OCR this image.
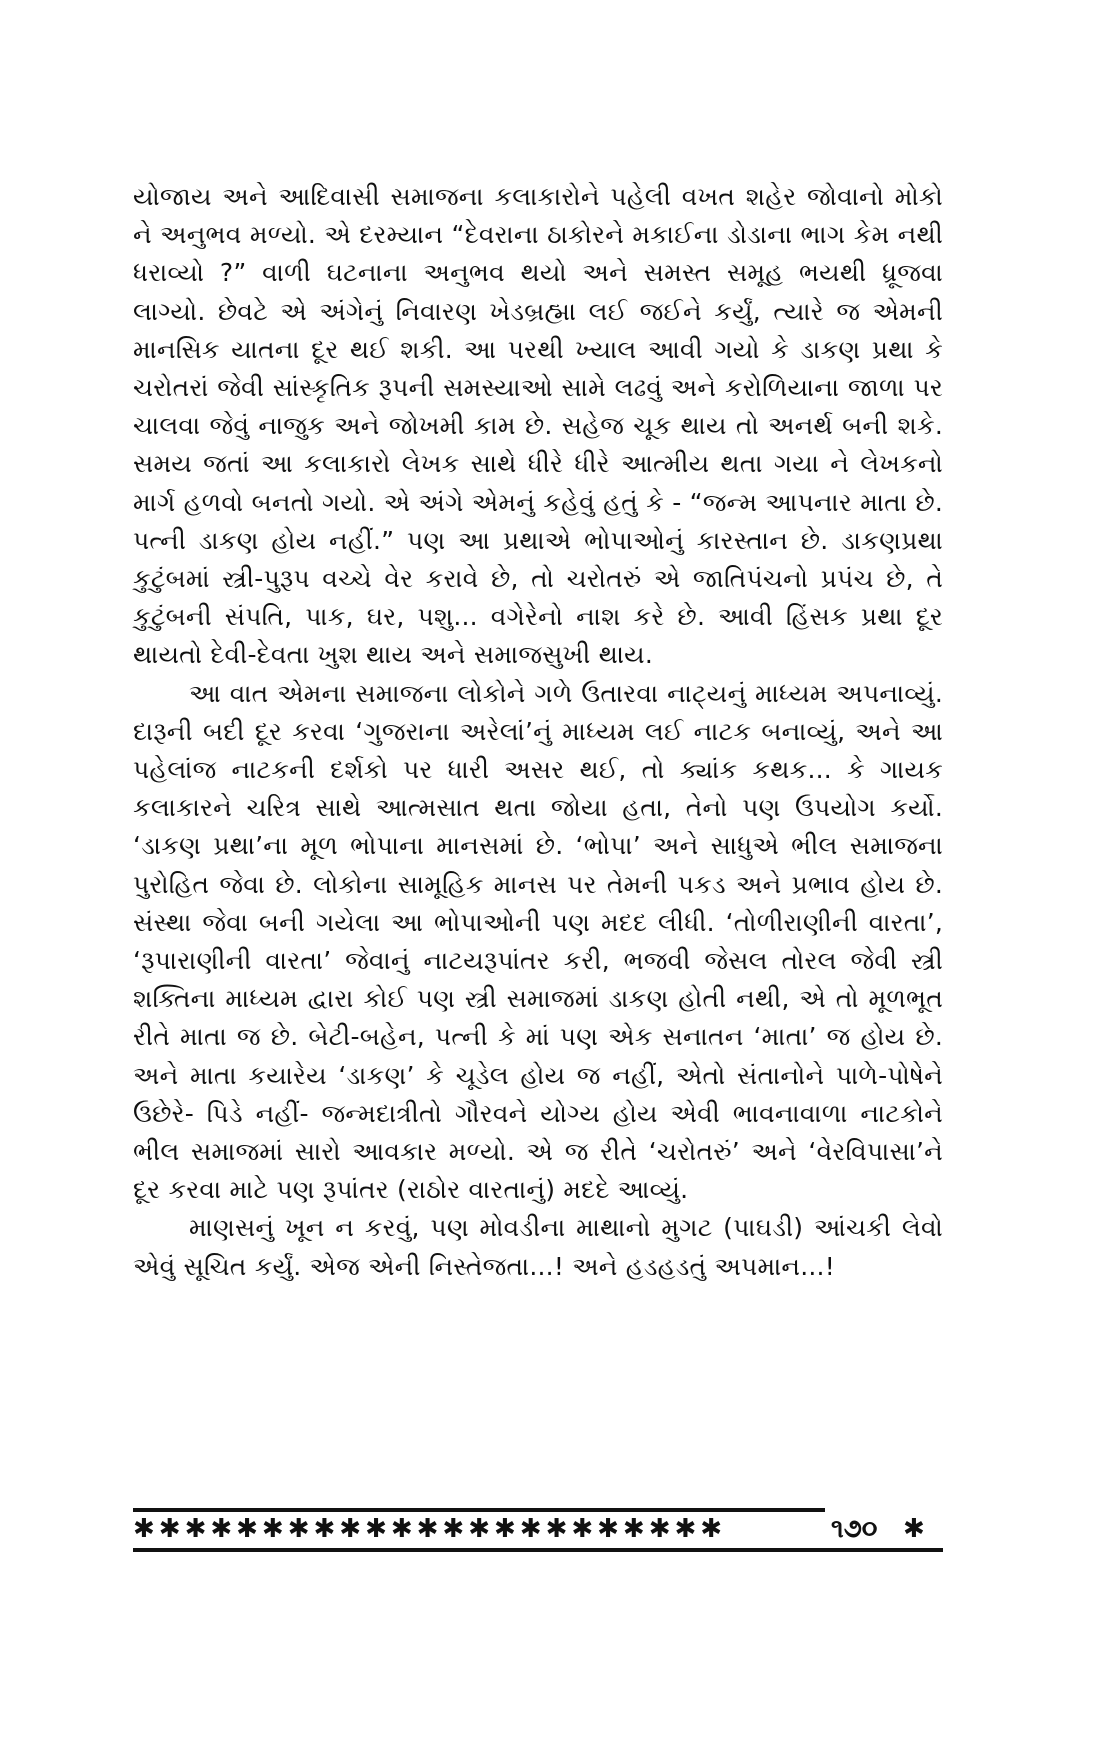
યોજાય અને આદિવાસી સમાજના કલાકારોને પહેલી વખત શહેર જોવાનો મોકો ને અનુભવ મળ્યો. એ દરમ્યાન “દેવરાના ઠાકોરને મકાઈના ડોડાના ભાગ કેમ નથી ધરાવ્યો ?” વાળી ઘટનાના અનુભવ થયો અને સમસ્ત સમૂહ ભયથી ધ્રૂજવા લાગ્યો. છેવટે એ અંગેનું નિવારણ ખેડબ્રહ્મા લઈ જઈને કર્યું, ત્યારે જ એમની માનસિક યાતના દૂર થઈ શકી. આ પરથી ખ્યાલ આવી ગયો કે ડાકણ પ્રથા કે ચરોતરાં જેવી સાંસ્કૃતિક રૂપની સમસ્યાઓ સામે લઢવું અને કરોળિયાના જાળા પર ચાલવા જેવું નાજુક અને જોખમી કામ છે. સહેજ ચૂક થાય તો અનર્થ બની શકે. સમય જતાં આ કલાકારો લેખક સાથે ધીરે ધીરે આત્મીય થતા ગયા ને લેખકનો માર્ગ હળવો બનતો ગયો. એ અંગે એમનું કહેવું હતું કે - “જન્મ આપનાર માતા છે. પત્ની ડાકણ હોય નહીં.” પણ આ પ્રથાએ ભોપાઓનું કારસ્તાન છે. ડાકણપ્રથા કુટુંબમાં સ્ત્રી-પુરૂપ વચ્ચે વેર કરાવે છે, તો ચરોતરું એ જાતિપંચનો પ્રપંચ છે, તે કુટુંબની સંપતિ, પાક, ઘર, પશુ... વગેરેનો નાશ કરે છે. આવી હિંસક પ્રથા દૂર થાયતો દેવી-દેવતા ખુશ થાય અને સમાજસુખી થાય.

આ વાત એમના સમાજના લોકોને ગળે ઉતારવા નાટ્યનું માધ્યમ અપનાવ્યું. દારૂની બદી દૂર કરવા ‘ગુજરાના અરેલાં’નું માધ્યમ લઈ નાટક બનાવ્યું, અને આ પહેલાંજ નાટકની દર્શકો પર ધારી અસર થઈ, તો ક્યાંક કથક... કે ગાયક કલાકારને ચરિત્ર સાથે આત્મસાત થતા જોયા હતા, તેનો પણ ઉપયોગ કર્યો. ‘ડાકણ પ્રથા’ના મૂળ ભોપાના માનસમાં છે. ‘ભોપા’ અને સાધુએ ભીલ સમાજના પુરોહિત જેવા છે. લોકોના સામૂહિક માનસ પર તેમની પકડ અને પ્રભાવ હોય છે. સંસ્થા જેવા બની ગયેલા આ ભોપાઓની પણ મદદ લીધી. ‘તોળીરાણીની વારતા’, ‘રૂપારાણીની વારતા’ જેવાનું નાટયરૂપાંતર કરી, ભજવી જેસલ તોરલ જેવી સ્ત્રી શક્તિના માધ્યમ દ્વારા કોઈ પણ સ્ત્રી સમાજમાં ડાકણ હોતી નથી, એ તો મૂળભૂત રીતે માતા જ છે. બેટી-બહેન, પત્ની કે માં પણ એક સનાતન ‘માતા’ જ હોય છે. અને માતા કયારેય ‘ડાકણ’ કે ચૂડેલ હોય જ નહીં, એતો સંતાનોને પાળે-પોષેને ઉછેરે- પિડે નહીં- જન્મદાત્રીતો ગૌરવને યોગ્ય હોય એવી ભાવનાવાળા નાટકોને ભીલ સમાજમાં સારો આવકાર મળ્યો. એ જ રીતે ‘ચરોતરું’ અને ‘વેરવિપાસા’ને દૂર કરવા માટે પણ રૂપાંતર (રાઠોર વારતાનું) મદદે આવ્યું.

માણસનું ખૂન ન કરવું, પણ મોવડીના માથાનો મુગટ (પાઘડી) આંચકી લેવો એવું સૂચિત કર્યું. એજ એની નિસ્તેજતા...! અને હડહડતું અપમાન...!

✱✱✱✱✱✱✱✱✱✱✱✱✱✱✱✱✱✱✱✱✱✱✱	૧૭૦ ✱
